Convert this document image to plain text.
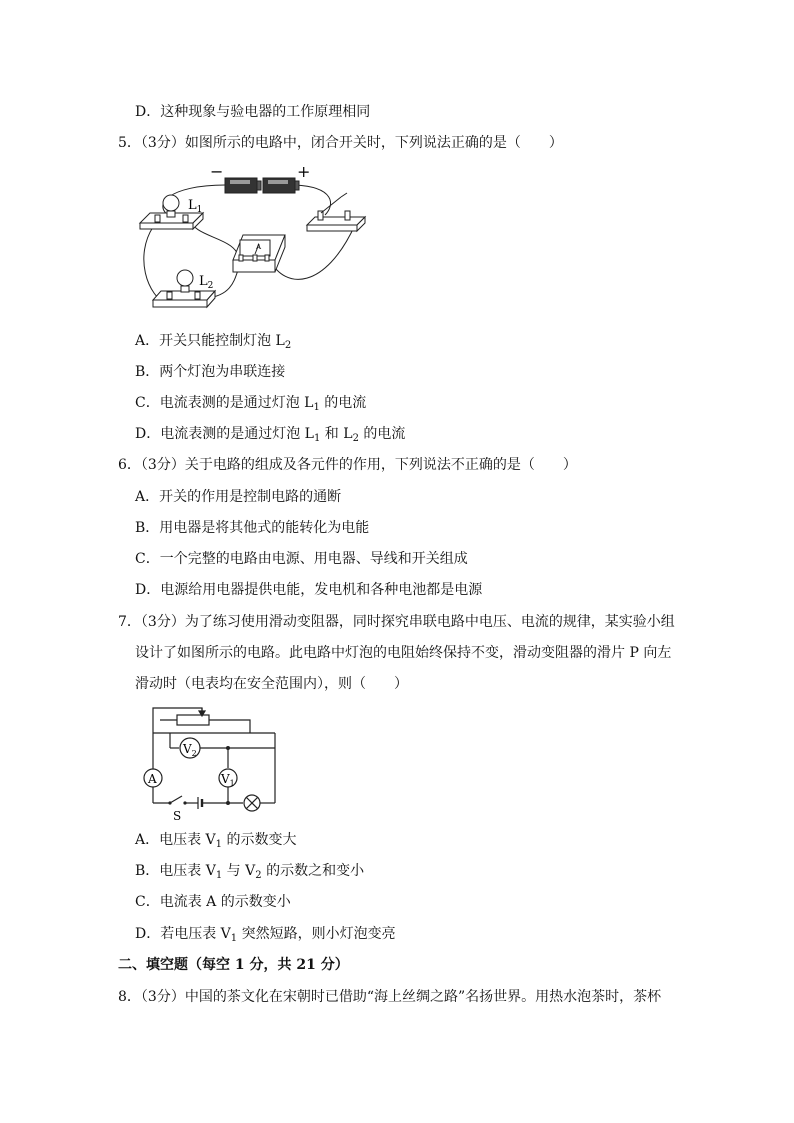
D．这种现象与验电器的工作原理相同
5．（3分）如图所示的电路中，闭合开关时，下列说法正确的是（　　）
−	+
$L_1$
A
$L_2$
A．开关只能控制灯泡 $L_2$
B．两个灯泡为串联连接
C．电流表测的是通过灯泡 $L_1$ 的电流
D．电流表测的是通过灯泡 $L_1$ 和 $L_2$ 的电流
6．（3分）关于电路的组成及各元件的作用，下列说法不正确的是（　　）
A．开关的作用是控制电路的通断
B．用电器是将其他式的能转化为电能
C．一个完整的电路由电源、用电器、导线和开关组成
D．电源给用电器提供电能，发电机和各种电池都是电源
7．（3分）为了练习使用滑动变阻器，同时探究串联电路中电压、电流的规律，某实验小组
设计了如图所示的电路。此电路中灯泡的电阻始终保持不变，滑动变阻器的滑片 P 向左
滑动时（电表均在安全范围内），则（　　）
$V_2$
$V_1$
A
S
A．电压表 $V_1$ 的示数变大
B．电压表 $V_1$ 与 $V_2$ 的示数之和变小
C．电流表 A 的示数变小
D．若电压表 $V_1$ 突然短路，则小灯泡变亮
二、填空题（每空 1 分，共 21 分）
8．（3分）中国的茶文化在宋朝时已借助“海上丝绸之路”名扬世界。用热水泡茶时，茶杯
